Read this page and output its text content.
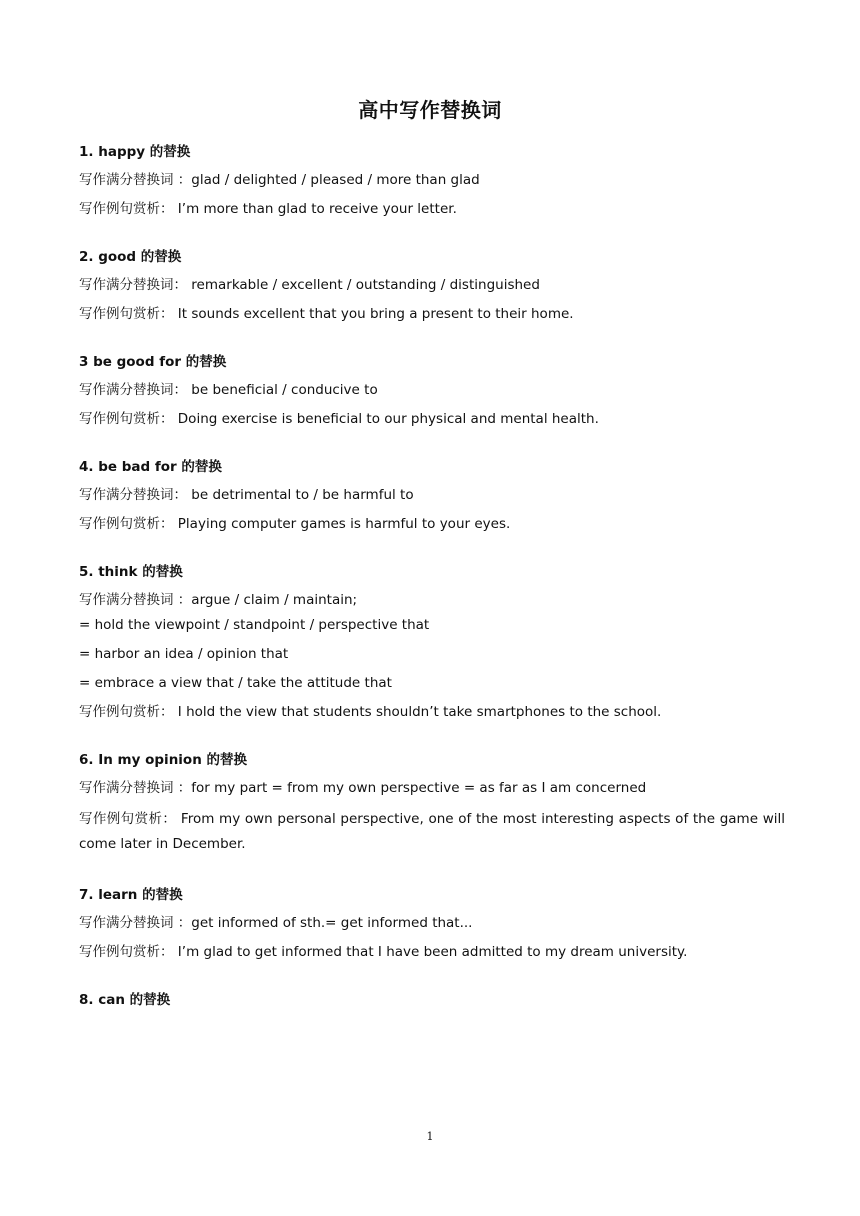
高中写作替换词
1. happy 的替换
写作满分替换词 ：glad / delighted / pleased / more than glad
写作例句赏析： I’m more than glad to receive your letter.
2. good 的替换
写作满分替换词： remarkable / excellent / outstanding / distinguished
写作例句赏析： It sounds excellent that you bring a present to their home.
3 be good for 的替换
写作满分替换词： be beneficial / conducive to
写作例句赏析： Doing exercise is beneficial to our physical and mental health.
4. be bad for 的替换
写作满分替换词： be detrimental to / be harmful to
写作例句赏析： Playing computer games is harmful to your eyes.
5. think 的替换
写作满分替换词 ：argue / claim / maintain;
= hold the viewpoint / standpoint / perspective that
= harbor an idea / opinion that
= embrace a view that / take the attitude that
写作例句赏析： I hold the view that students shouldn’t take smartphones to the school.
6. In my opinion 的替换
写作满分替换词 ：for my part = from my own perspective = as far as I am concerned
写作例句赏析： From my own personal perspective, one of the most interesting aspects of the game will come later in December.
7. learn 的替换
写作满分替换词 ：get informed of sth.= get informed that...
写作例句赏析： I’m glad to get informed that I have been admitted to my dream university.
8. can 的替换
1
